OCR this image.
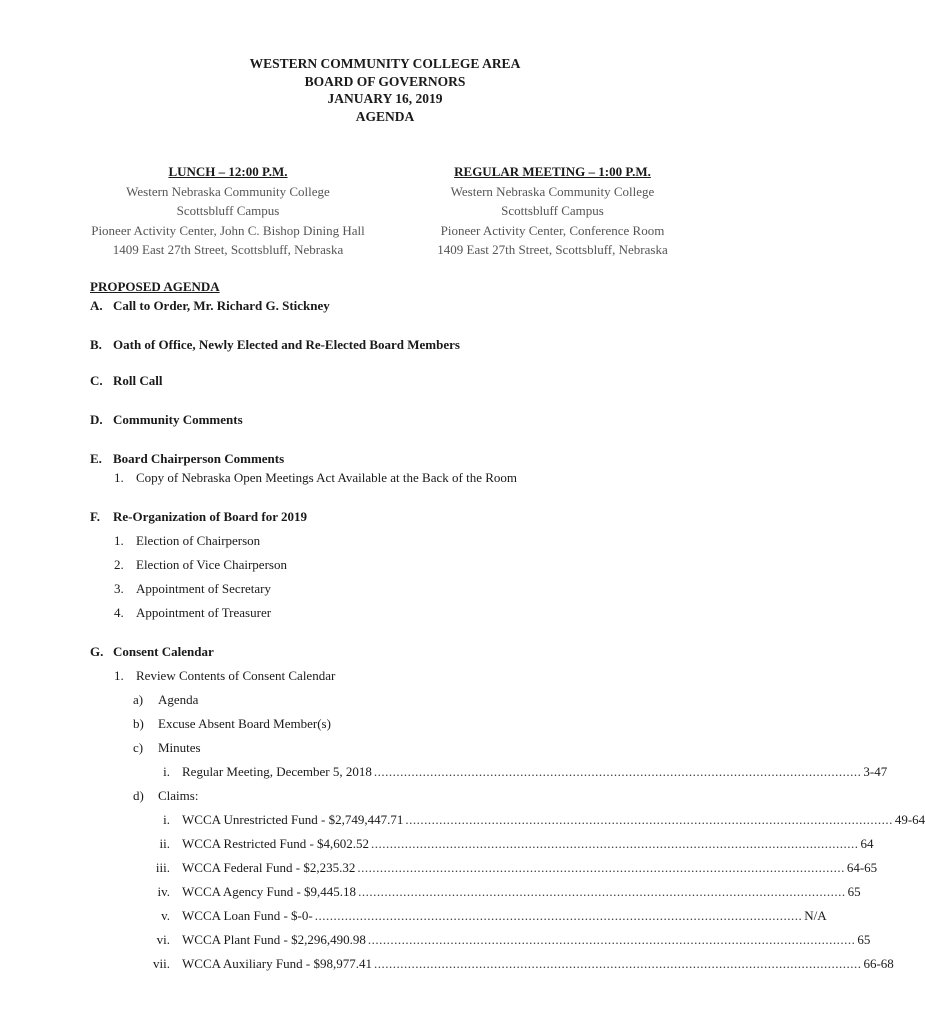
WESTERN COMMUNITY COLLEGE AREA
BOARD OF GOVERNORS
JANUARY 16, 2019
AGENDA
LUNCH – 12:00 P.M.
Western Nebraska Community College
Scottsbluff Campus
Pioneer Activity Center, John C. Bishop Dining Hall
1409 East 27th Street, Scottsbluff, Nebraska
REGULAR MEETING – 1:00 P.M.
Western Nebraska Community College
Scottsbluff Campus
Pioneer Activity Center, Conference Room
1409 East 27th Street, Scottsbluff, Nebraska
PROPOSED AGENDA
A. Call to Order, Mr. Richard G. Stickney
B. Oath of Office, Newly Elected and Re-Elected Board Members
C. Roll Call
D. Community Comments
E. Board Chairperson Comments
1. Copy of Nebraska Open Meetings Act Available at the Back of the Room
F. Re-Organization of Board for 2019
1. Election of Chairperson
2. Election of Vice Chairperson
3. Appointment of Secretary
4. Appointment of Treasurer
G. Consent Calendar
1. Review Contents of Consent Calendar
a) Agenda
b) Excuse Absent Board Member(s)
c) Minutes
i. Regular Meeting, December 5, 2018 .................................................................................................................................. 3-47
d) Claims:
i. WCCA Unrestricted Fund - $2,749,447.71 .................................................................................................................................. 49-64
ii. WCCA Restricted Fund - $4,602.52 .................................................................................................................................. 64
iii. WCCA Federal Fund - $2,235.32 .................................................................................................................................. 64-65
iv. WCCA Agency Fund - $9,445.18 .................................................................................................................................. 65
v. WCCA Loan Fund - $-0- .................................................................................................................................. N/A
vi. WCCA Plant Fund - $2,296,490.98 .................................................................................................................................. 65
vii. WCCA Auxiliary Fund - $98,977.41 .................................................................................................................................. 66-68
